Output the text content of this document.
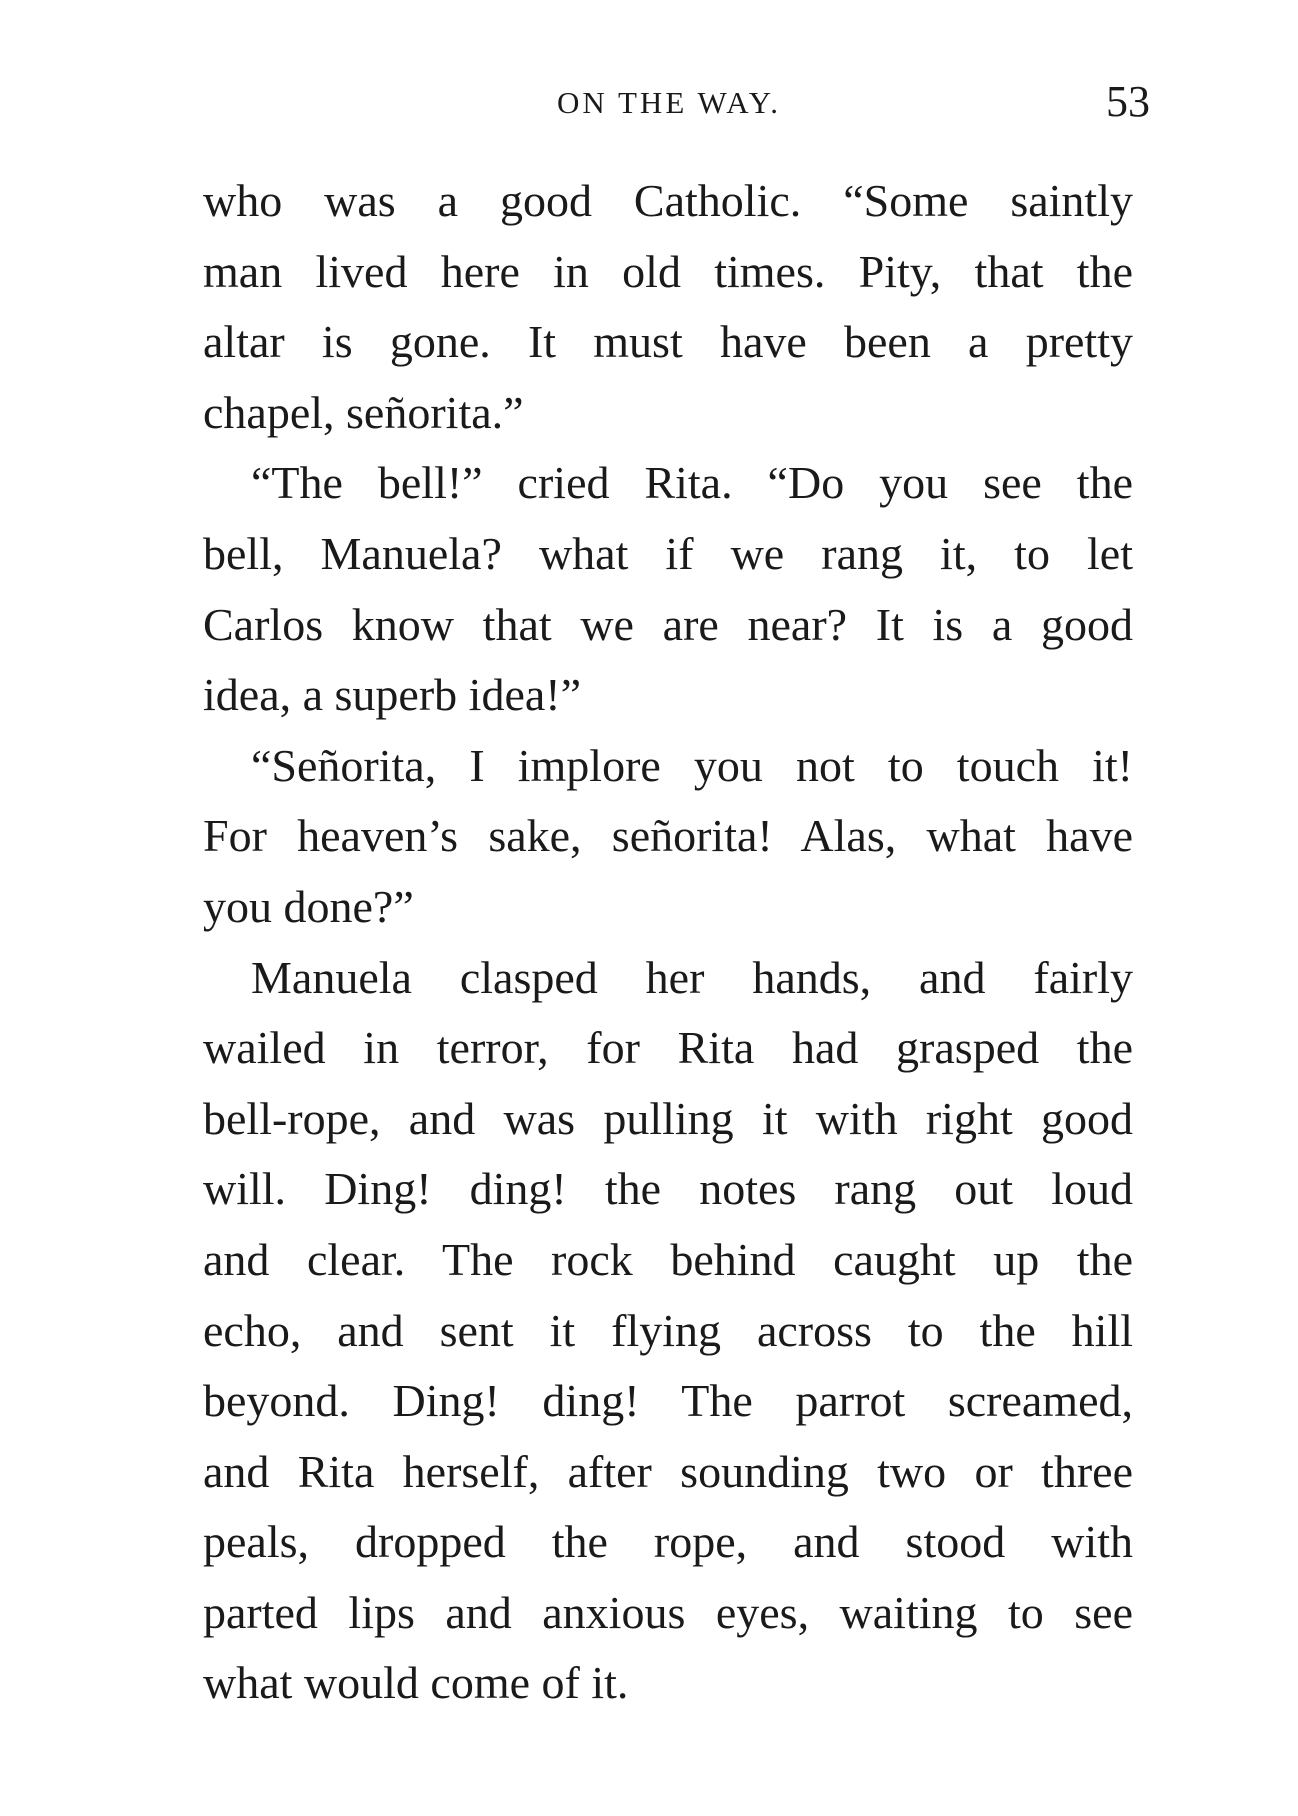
ON THE WAY.	53
who was a good Catholic. “Some saintly
man lived here in old times. Pity, that the
altar is gone. It must have been a pretty
chapel, señorita.”
“The bell!” cried Rita. “Do you see the
bell, Manuela? what if we rang it, to let
Carlos know that we are near? It is a good
idea, a superb idea!”
“Señorita, I implore you not to touch it!
For heaven’s sake, señorita! Alas, what have
you done?”
Manuela clasped her hands, and fairly
wailed in terror, for Rita had grasped the
bell-rope, and was pulling it with right good
will. Ding! ding! the notes rang out loud
and clear. The rock behind caught up the
echo, and sent it flying across to the hill
beyond. Ding! ding! The parrot screamed,
and Rita herself, after sounding two or three
peals, dropped the rope, and stood with
parted lips and anxious eyes, waiting to see
what would come of it.
